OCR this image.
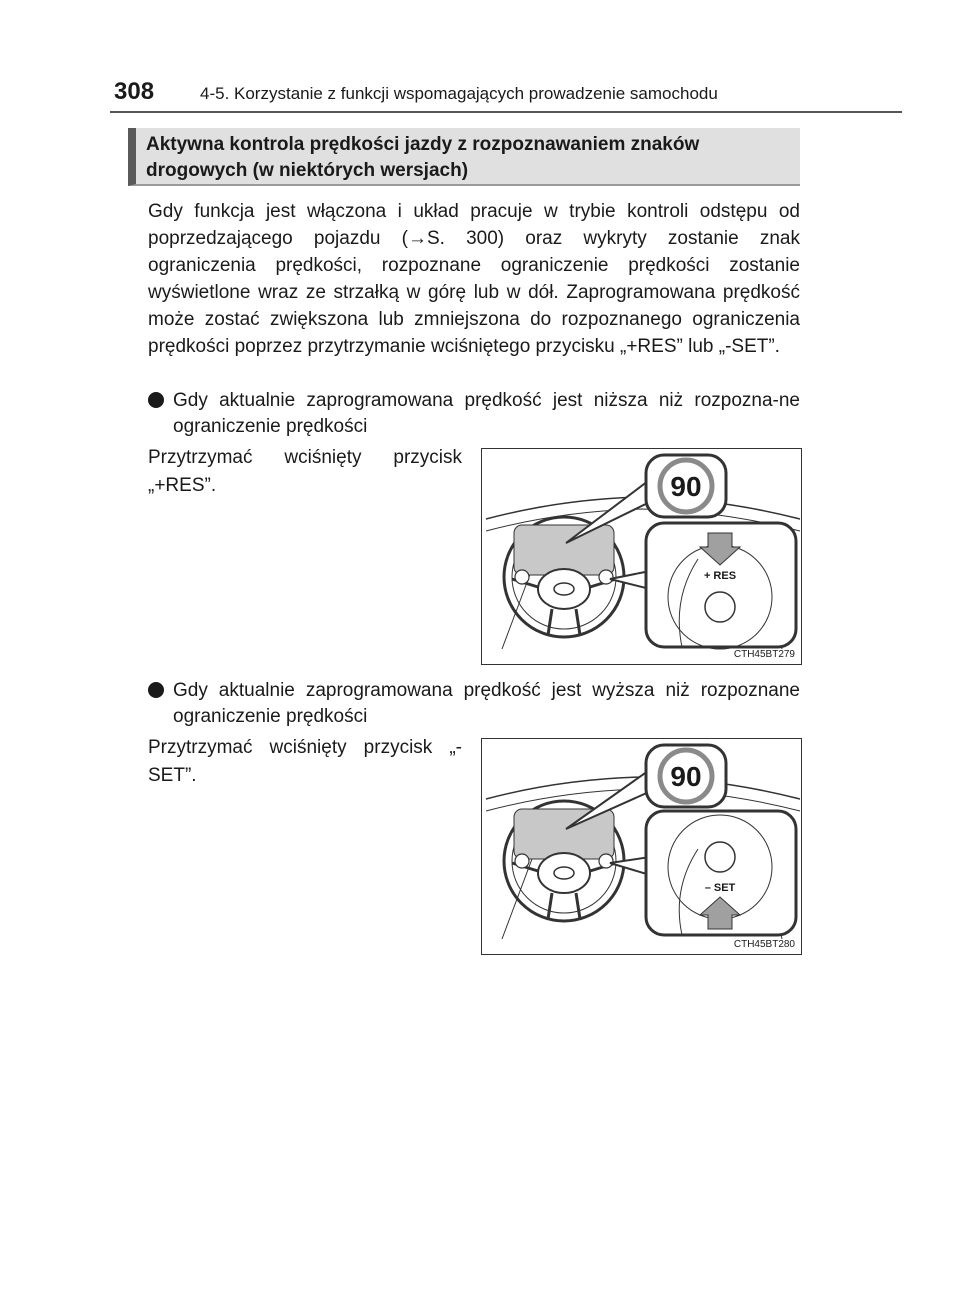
308	4-5. Korzystanie z funkcji wspomagających prowadzenie samochodu
Aktywna kontrola prędkości jazdy z rozpoznawaniem znaków drogowych (w niektórych wersjach)
Gdy funkcja jest włączona i układ pracuje w trybie kontroli odstępu od poprzedzającego pojazdu (→S. 300) oraz wykryty zostanie znak ograniczenia prędkości, rozpoznane ograniczenie prędkości zostanie wyświetlone wraz ze strzałką w górę lub w dół. Zaprogramowana prędkość może zostać zwiększona lub zmniejszona do rozpoznanego ograniczenia prędkości poprzez przytrzymanie wciśniętego przycisku „+RES” lub „-SET”.
Gdy aktualnie zaprogramowana prędkość jest niższa niż rozpozna-ne ograniczenie prędkości
Przytrzymać wciśnięty przycisk „+RES”.	90
+ RES
CTH45BT279
Gdy aktualnie zaprogramowana prędkość jest wyższa niż rozpoznane ograniczenie prędkości
Przytrzymać wciśnięty przycisk „-SET”.	90
– SET
CTH45BT280
